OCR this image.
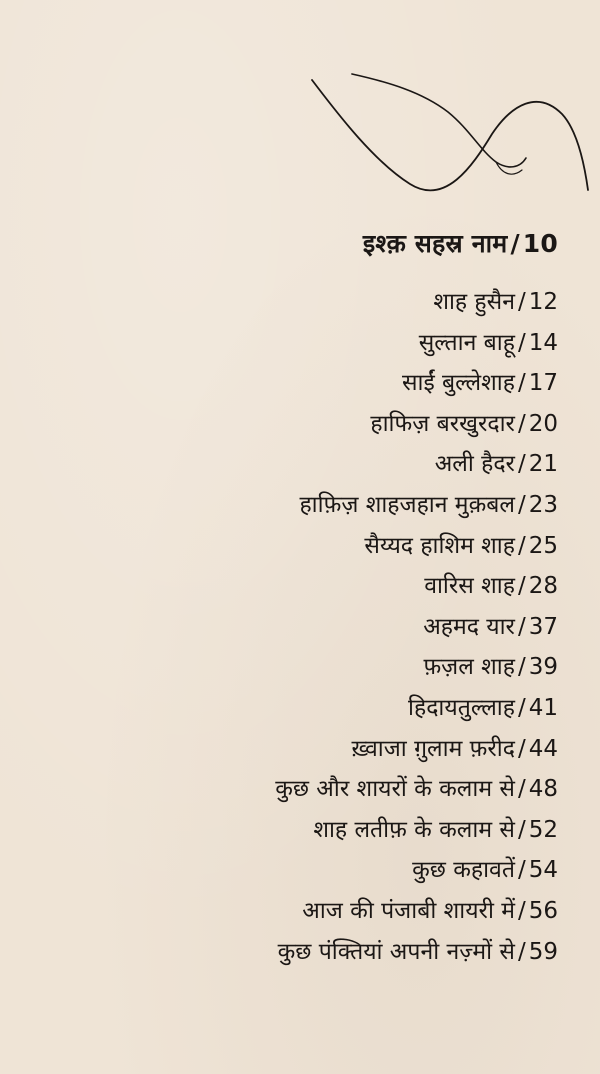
इश्क़ सहस्र नाम / 10
शाह हुसैन / 12
सुल्तान बाहू / 14
साईं बुल्लेशाह / 17
हाफिज़ बरखुरदार / 20
अली हैदर / 21
हाफ़िज़ शाहजहान मुक़बल / 23
सैय्यद हाशिम शाह / 25
वारिस शाह / 28
अहमद यार / 37
फ़ज़ल शाह / 39
हिदायतुल्लाह / 41
ख़्वाजा ग़ुलाम फ़रीद / 44
कुछ और शायरों के कलाम से / 48
शाह लतीफ़ के कलाम से / 52
कुछ कहावतें / 54
आज की पंजाबी शायरी में / 56
कुछ पंक्तियां अपनी नज़्मों से / 59
